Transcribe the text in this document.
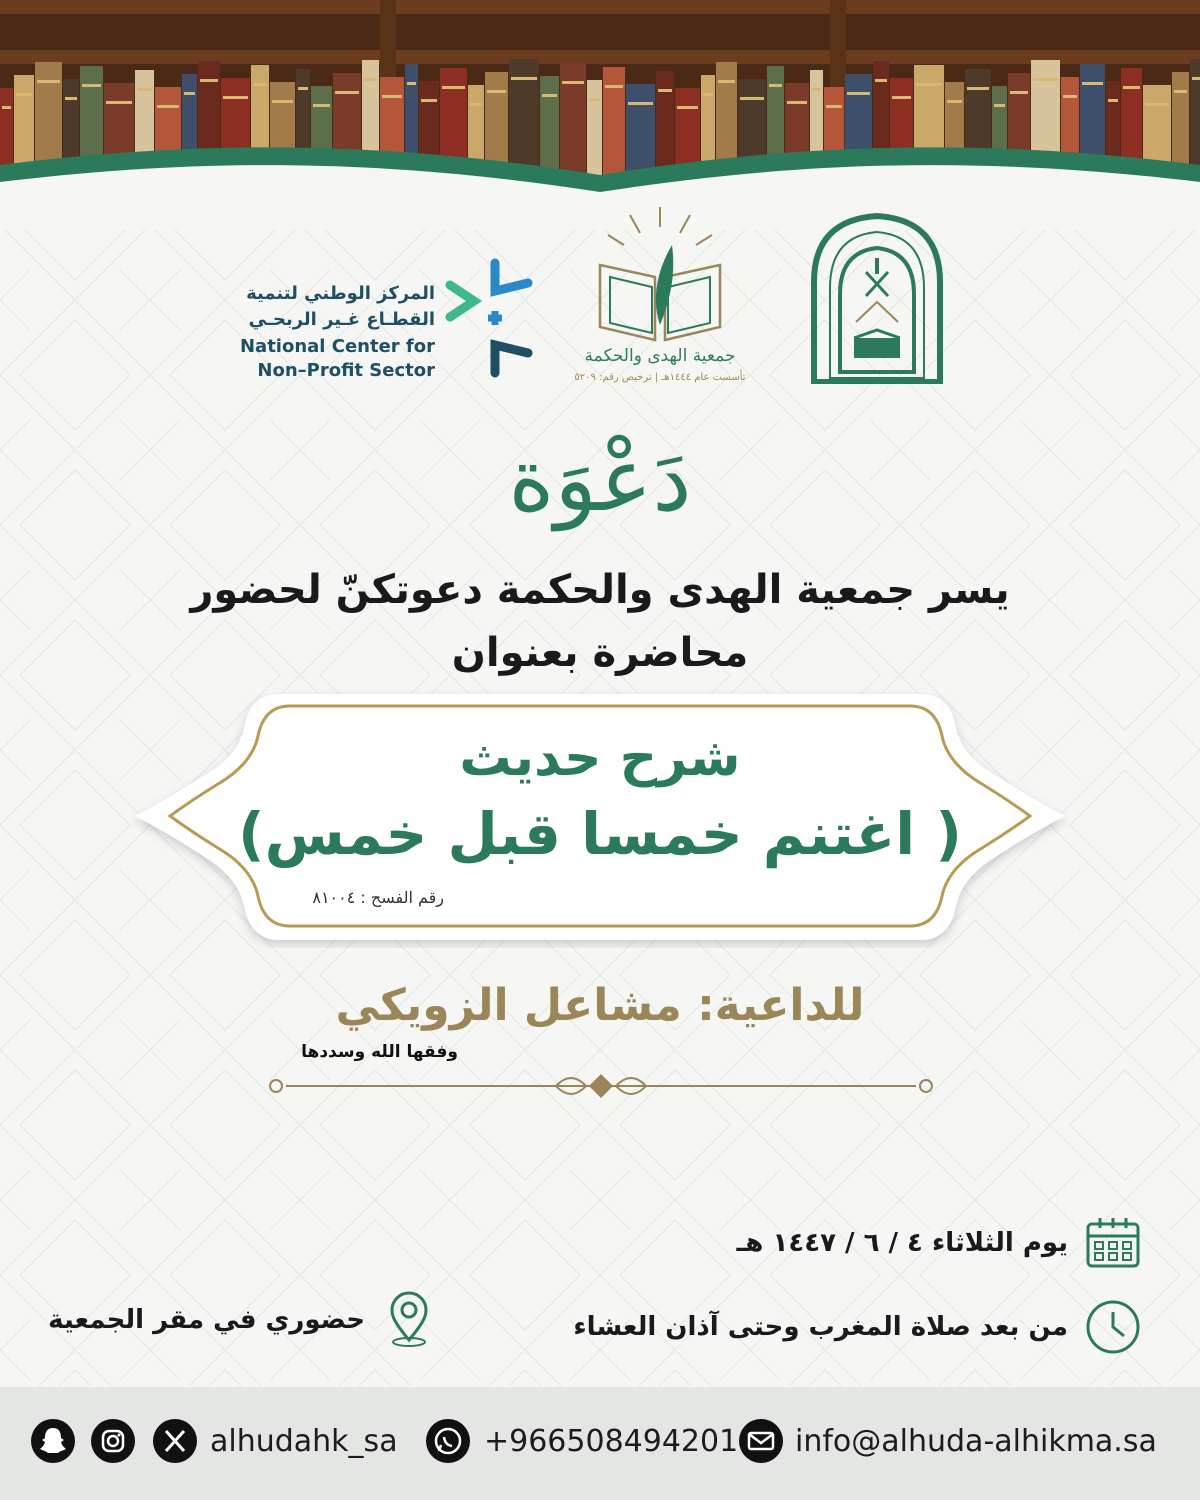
جمعية الهدى والحكمة
تأسست عام ١٤٤٤هـ | ترخيص رقم: ٥٢٠٩
المركز الوطني لتنمية
القطـاع غـير الربحـي
National Center for
Non–Profit Sector
دَعْوَة
يسر جمعية الهدى والحكمة دعوتكنّ لحضور
محاضرة بعنوان
شرح حديث
(اغتنم خمسا قبل خمس )
رقم الفسح : ٨١٠٠٤
للداعية: مشاعل الزويكي
وفقها الله وسددها
يوم الثلاثاء ٤ / ٦ / ١٤٤٧ هـ
من بعد صلاة المغرب وحتى آذان العشاء
حضوري في مقر الجمعية
alhudahk_sa	+966508494201 info@alhuda-alhikma.sa
